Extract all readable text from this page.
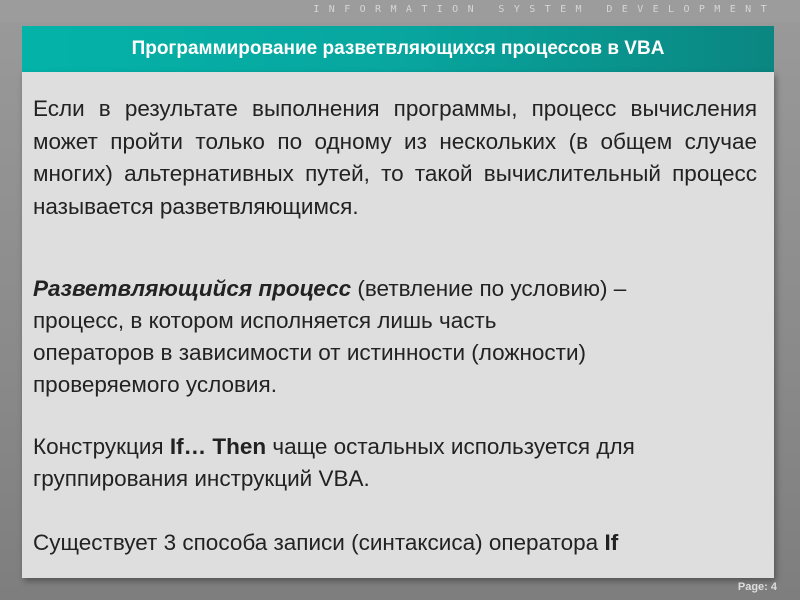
INFORMATION SYSTEM DEVELOPMENT
Программирование разветвляющихся процессов в VBA

Если в результате выполнения программы, процесс вычисления может пройти только по одному из нескольких (в общем случае многих) альтернативных путей, то такой вычислительный процесс называется разветвляющимся.

Разветвляющийся процесс (ветвление по условию) –
процесс, в котором исполняется лишь часть
операторов в зависимости от истинности (ложности)
проверяемого условия.

Конструкция If… Then чаще остальных используется для
группирования инструкций VBA.

Существует 3 способа записи (синтаксиса) оператора If

Page: 4
